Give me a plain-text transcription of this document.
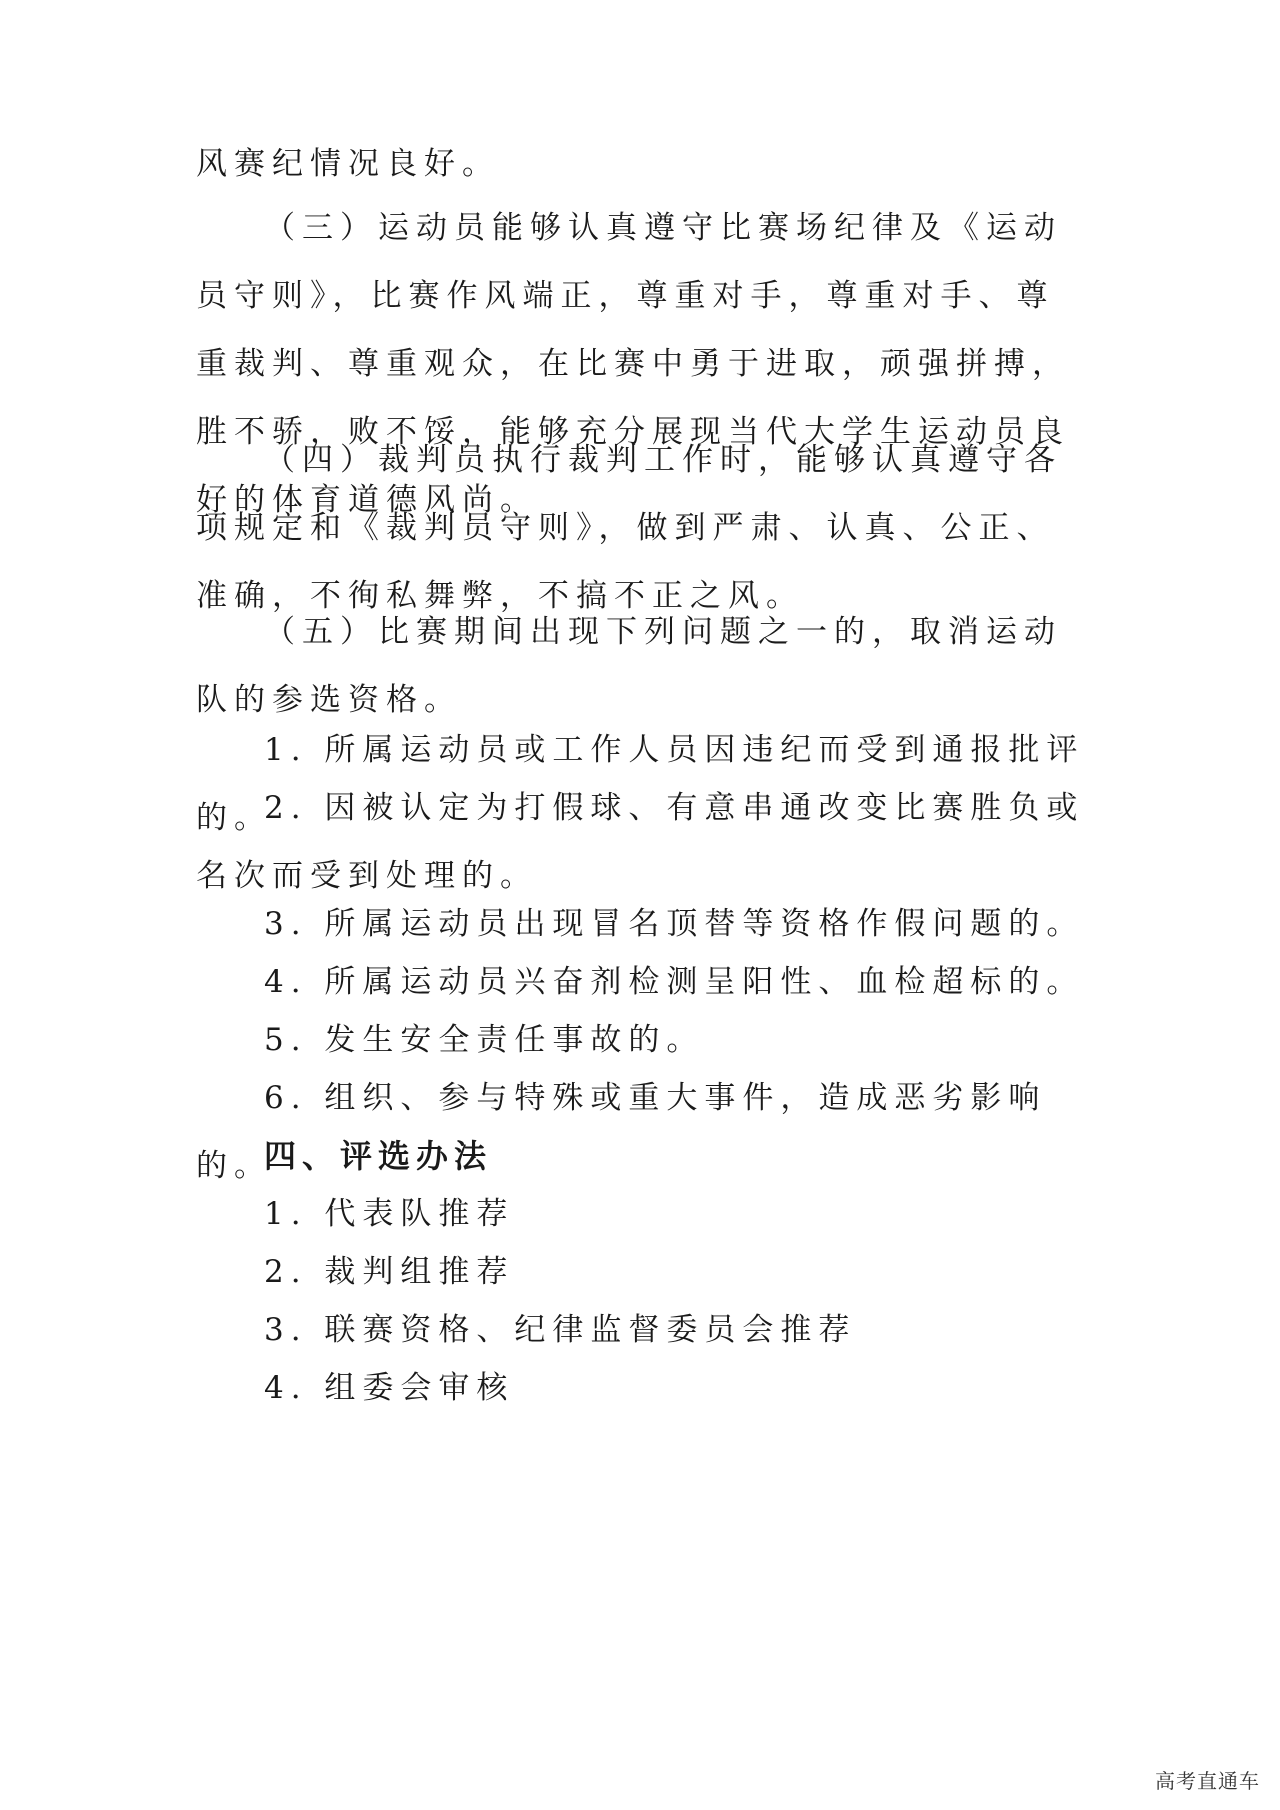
风赛纪情况良好。

（三）运动员能够认真遵守比赛场纪律及《运动员守则》，比赛作风端正，尊重对手，尊重对手、尊重裁判、尊重观众，在比赛中勇于进取，顽强拼搏，胜不骄，败不馁，能够充分展现当代大学生运动员良好的体育道德风尚。

（四）裁判员执行裁判工作时，能够认真遵守各项规定和《裁判员守则》，做到严肃、认真、公正、准确，不徇私舞弊，不搞不正之风。

（五）比赛期间出现下列问题之一的，取消运动队的参选资格。

1. 所属运动员或工作人员因违纪而受到通报批评的。

2. 因被认定为打假球、有意串通改变比赛胜负或名次而受到处理的。

3. 所属运动员出现冒名顶替等资格作假问题的。

4. 所属运动员兴奋剂检测呈阳性、血检超标的。

5. 发生安全责任事故的。

6. 组织、参与特殊或重大事件，造成恶劣影响的。

四、评选办法

1. 代表队推荐

2. 裁判组推荐

3. 联赛资格、纪律监督委员会推荐

4. 组委会审核

高考直通车
